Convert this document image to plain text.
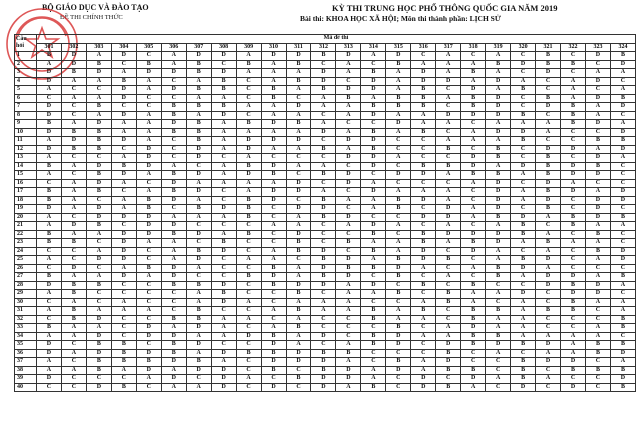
BỘ GIÁO DỤC VÀ ĐÀO TẠO
ĐỀ THI CHÍNH THỨC
KỲ THI TRUNG HỌC PHỔ THÔNG QUỐC GIA NĂM 2019
Bài thi: KHOA HỌC XÃ HỘI; Môn thi thành phần: LỊCH SỬ
Câu hỏi	Mã đề thi																							
	301	302	303	304	305	306	307	308	309	310	311	312	313	314	315	316	317	318	319	320	321	322	323	324
1	B	D	A	D	C	A	D	D	A	D	D	B	D	A	D	C	A	C	A	C	B	C	D	B
2	A	D	B	C	B	A	B	C	B	A	B	C	A	C	B	A	A	A	B	D	B	B	C	D
3	D	B	D	A	D	D	B	D	A	A	A	D	A	B	A	D	A	B	A	C	D	C	A	A
4	D	A	A	B	A	C	A	B	C	A	B	D	C	D	A	D	D	A	D	A	C	A	D	C
5	A	C	C	D	A	D	B	B	C	B	A	B	D	D	A	B	C	D	A	B	C	A	C	A
6	C	A	A	D	C	C	A	A	C	B	C	A	B	A	B	B	A	B	D	C	B	A	D	B
7	D	C	B	C	C	B	B	B	A	A	D	A	A	B	B	B	C	B	D	C	D	B	A	D
8	D	C	A	D	A	B	A	D	C	A	A	C	A	D	A	A	D	D	D	B	C	B	A	C
9	B	A	D	A	A	D	B	A	B	D	B	A	C	C	D	A	A	C	A	A	A	B	D	A
10	D	B	B	A	A	B	B	A	A	A	A	D	A	B	A	B	C	A	D	D	A	C	C	D
11	A	D	B	D	A	C	B	A	D	D	D	C	D	D	C	C	A	A	A	B	C	C	B	B
12	D	B	B	C	D	C	D	A	D	A	A	B	A	B	C	C	B	C	B	C	D	D	A	D
13	A	C	C	A	D	C	D	C	A	C	C	C	D	D	A	C	C	D	B	C	B	C	D	A
14	B	A	D	B	D	A	C	A	B	D	A	A	C	D	C	B	B	D	A	D	B	D	B	C
15	A	C	B	D	A	B	D	A	D	B	C	B	D	C	D	D	A	B	B	A	B	D	D	C
16	C	A	D	A	C	D	A	A	A	A	D	C	D	A	C	C	C	A	D	C	D	A	C	C
17	B	A	B	C	A	B	D	C	A	D	D	A	C	D	A	A	A	C	D	A	B	D	A	D
18	B	A	C	A	B	D	A	C	B	D	C	B	A	A	B	D	A	C	D	A	D	C	D	D
19	D	A	D	A	B	C	B	D	B	C	D	D	C	A	B	C	D	A	D	C	B	C	D	C
20	A	C	D	D	D	A	A	A	B	C	A	B	D	C	C	D	D	A	B	D	A	B	D	B
21	A	D	B	C	D	D	C	C	C	A	A	C	A	D	A	C	A	C	A	B	C	B	A	A
22	B	A	A	D	D	B	D	A	B	C	D	C	C	B	C	B	D	D	D	B	A	C	B	C
23	B	B	C	D	A	A	C	B	C	C	B	C	B	A	A	B	A	B	D	A	B	A	A	C
24	C	C	A	D	C	A	B	D	C	A	B	D	C	B	A	D	C	D	A	C	A	C	B	D
25	A	C	D	D	C	A	D	C	A	A	C	B	D	A	B	D	B	C	A	B	D	C	A	D
26	C	D	C	A	B	D	A	C	C	B	A	D	B	B	D	A	C	A	B	D	A	C	C	C
27	B	A	A	D	A	D	C	C	B	D	A	B	D	C	B	C	A	C	B	A	D	D	A	B
28	D	B	B	C	C	B	B	D	C	B	D	D	A	D	C	B	C	B	C	C	D	B	D	A
29	A	B	C	C	C	C	A	B	C	C	B	C	A	A	B	C	B	A	A	D	C	D	D	C
30	C	A	C	A	C	C	A	D	A	C	A	A	A	C	C	A	B	A	C	A	C	B	A	A
31	A	B	A	A	A	C	B	C	C	A	B	A	A	B	A	B	C	B	B	A	B	B	C	A
32	C	B	D	C	C	B	B	A	A	C	A	C	C	B	A	A	C	B	A	A	C	C	C	B
33	B	A	A	C	D	A	D	A	C	A	B	C	C	C	B	C	A	D	A	A	C	C	A	B
34	A	A	D	C	D	D	A	A	D	B	A	D	C	B	D	A	A	B	B	A	A	A	A	C
35	D	C	B	B	C	B	D	C	C	D	A	C	A	B	D	C	D	B	D	B	D	A	B	B
36	D	A	D	B	D	B	A	D	B	B	D	B	B	C	C	C	B	C	A	C	A	A	B	D
37	A	C	B	B	B	D	B	A	C	D	D	D	A	C	B	A	D	C	C	B	D	D	C	A
38	A	A	B	A	D	A	D	D	C	B	C	B	D	A	D	A	B	B	C	B	C	B	B	B
39	D	C	C	C	A	D	C	D	A	C	B	D	D	A	C	D	C	D	A	B	A	C	C	D
40	C	C	D	B	C	A	A	D	C	D	C	D	A	B	C	D	B	A	C	D	C	D	C	B
